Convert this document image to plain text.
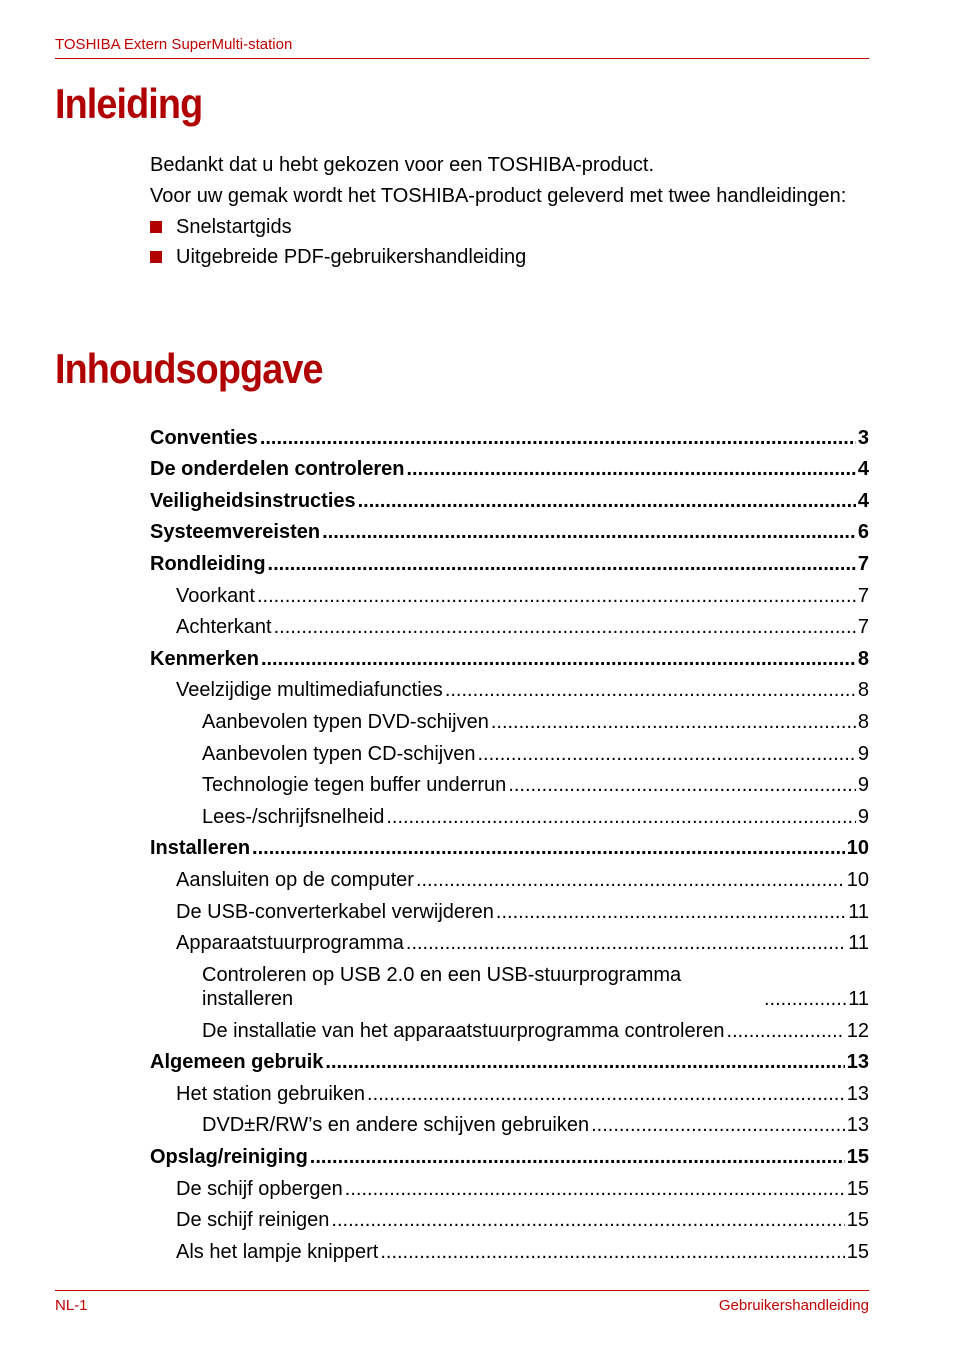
TOSHIBA Extern SuperMulti-station
Inleiding

Bedankt dat u hebt gekozen voor een TOSHIBA-product.

Voor uw gemak wordt het TOSHIBA-product geleverd met twee handleidingen:

Snelstartgids
Uitgebreide PDF-gebruikershandleiding
Inhoudsopgave
Conventies .....	3
De onderdelen controleren .....	4
Veiligheidsinstructies .....	4
Systeemvereisten .....	6
Rondleiding .....	7
Voorkant .....	7
Achterkant .....	7
Kenmerken .....	8
Veelzijdige multimediafuncties .....	8
Aanbevolen typen DVD-schijven .....	8
Aanbevolen typen CD-schijven .....	9
Technologie tegen buffer underrun .....	9
Lees-/schrijfsnelheid .....	9
Installeren .....	10
Aansluiten op de computer .....	10
De USB-converterkabel verwijderen .....	11
Apparaatstuurprogramma .....	11
Controleren op USB 2.0 en een USB-stuurprogramma installeren .....	11
De installatie van het apparaatstuurprogramma controleren .....	12
Algemeen gebruik .....	13
Het station gebruiken .....	13
DVD±R/RW’s en andere schijven gebruiken .....	13
Opslag/reiniging .....	15
De schijf opbergen .....	15
De schijf reinigen .....	15
Als het lampje knippert .....	15
NL-1	Gebruikershandleiding
